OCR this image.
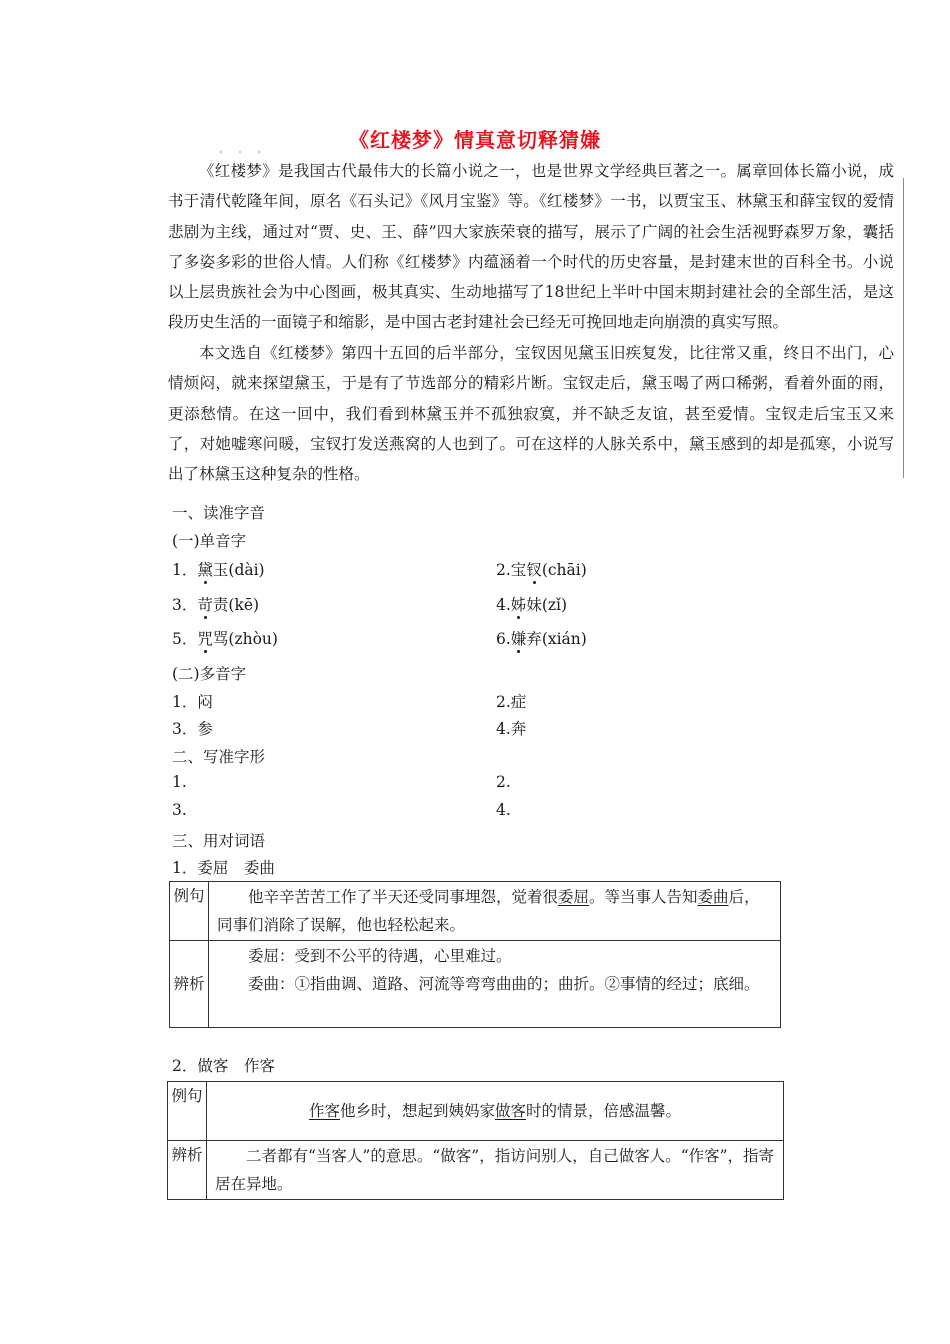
《红楼梦》情真意切释猜嫌
• • •

《红楼梦》是我国古代最伟大的长篇小说之一，也是世界文学经典巨著之一。属章回体长篇小说，成书于清代乾隆年间，原名《石头记》《风月宝鉴》等。《红楼梦》一书，以贾宝玉、林黛玉和薛宝钗的爱情悲剧为主线，通过对“贾、史、王、薛”四大家族荣衰的描写，展示了广阔的社会生活视野森罗万象，囊括了多姿多彩的世俗人情。人们称《红楼梦》内蕴涵着一个时代的历史容量，是封建末世的百科全书。小说以上层贵族社会为中心图画，极其真实、生动地描写了18世纪上半叶中国末期封建社会的全部生活，是这段历史生活的一面镜子和缩影，是中国古老封建社会已经无可挽回地走向崩溃的真实写照。

本文选自《红楼梦》第四十五回的后半部分，宝钗因见黛玉旧疾复发，比往常又重，终日不出门，心情烦闷，就来探望黛玉，于是有了节选部分的精彩片断。宝钗走后，黛玉喝了两口稀粥，看着外面的雨，更添愁情。在这一回中，我们看到林黛玉并不孤独寂寞，并不缺乏友谊，甚至爱情。宝钗走后宝玉又来了，对她嘘寒问暖，宝钗打发送燕窝的人也到了。可在这样的人脉关系中，黛玉感到的却是孤寒，小说写出了林黛玉这种复杂的性格。

一、读准字音
(一)单音字
1．黛玉(dài)	2.宝钗(chāi)
3．苛责(kē)	4.姊妹(zǐ)
5．咒骂(zhòu)	6.嫌弃(xián)
(二)多音字
1．闷	2.症
3．参	4.奔
二、写准字形
1.	2.
3.	4.
三、用对词语
1．委屈　委曲
例句	他辛辛苦苦工作了半天还受同事埋怨，觉着很委屈。等当事人告知委曲后，同事们消除了误解，他也轻松起来。

辨析	委屈：受到不公平的待遇，心里难过。
委曲：①指曲调、道路、河流等弯弯曲曲的；曲折。②事情的经过；底细。
2．做客　作客
例句	作客他乡时，想起到姨妈家做客时的情景，倍感温馨。
辨析	二者都有“当客人”的意思。“做客”，指访问别人，自己做客人。“作客”，指寄居在异地。
